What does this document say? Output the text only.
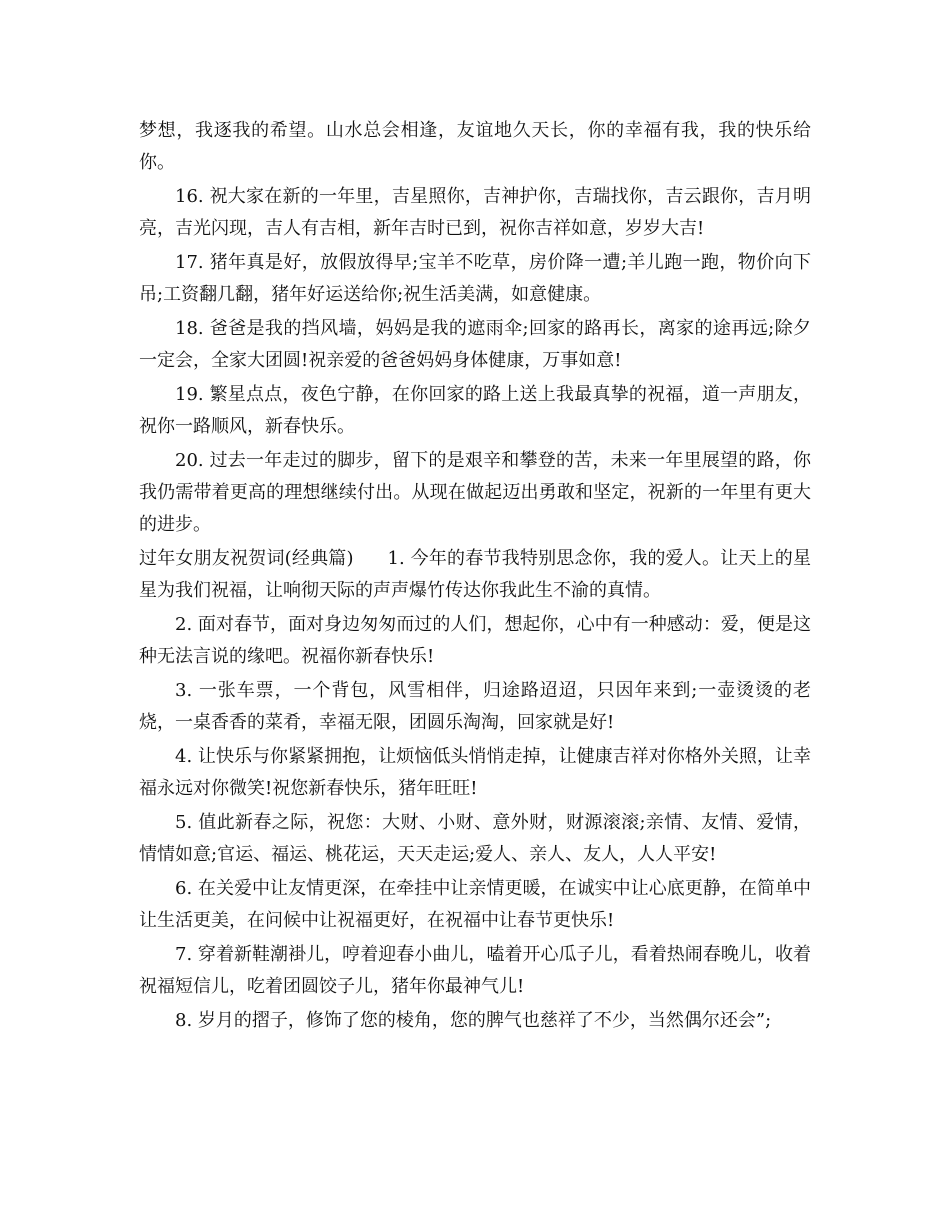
梦想，我逐我的希望。山水总会相逢，友谊地久天长，你的幸福有我，我的快乐给你。

16. 祝大家在新的一年里，吉星照你，吉神护你，吉瑞找你，吉云跟你，吉月明亮，吉光闪现，吉人有吉相，新年吉时已到，祝你吉祥如意，岁岁大吉!

17. 猪年真是好，放假放得早;宝羊不吃草，房价降一遭;羊儿跑一跑，物价向下吊;工资翻几翻，猪年好运送给你;祝生活美满，如意健康。

18. 爸爸是我的挡风墙，妈妈是我的遮雨伞;回家的路再长，离家的途再远;除夕一定会，全家大团圆!祝亲爱的爸爸妈妈身体健康，万事如意!

19. 繁星点点，夜色宁静，在你回家的路上送上我最真挚的祝福，道一声朋友，祝你一路顺风，新春快乐。

20. 过去一年走过的脚步，留下的是艰辛和攀登的苦，未来一年里展望的路，你我仍需带着更高的理想继续付出。从现在做起迈出勇敢和坚定，祝新的一年里有更大的进步。

过年女朋友祝贺词(经典篇) 1. 今年的春节我特别思念你，我的爱人。让天上的星星为我们祝福，让响彻天际的声声爆竹传达你我此生不渝的真情。

2. 面对春节，面对身边匆匆而过的人们，想起你，心中有一种感动：爱，便是这种无法言说的缘吧。祝福你新春快乐!

3. 一张车票，一个背包，风雪相伴，归途路迢迢，只因年来到;一壶烫烫的老烧，一桌香香的菜肴，幸福无限，团圆乐淘淘，回家就是好!

4. 让快乐与你紧紧拥抱，让烦恼低头悄悄走掉，让健康吉祥对你格外关照，让幸福永远对你微笑!祝您新春快乐，猪年旺旺!

5. 值此新春之际，祝您：大财、小财、意外财，财源滚滚;亲情、友情、爱情，情情如意;官运、福运、桃花运，天天走运;爱人、亲人、友人，人人平安!

6. 在关爱中让友情更深，在牵挂中让亲情更暖，在诚实中让心底更静，在简单中让生活更美，在问候中让祝福更好，在祝福中让春节更快乐!

7. 穿着新鞋潮褂儿，哼着迎春小曲儿，嗑着开心瓜子儿，看着热闹春晚儿，收着祝福短信儿，吃着团圆饺子儿，猪年你最神气儿!

8. 岁月的摺子，修饰了您的棱角，您的脾气也慈祥了不少，当然偶尔还会”;
